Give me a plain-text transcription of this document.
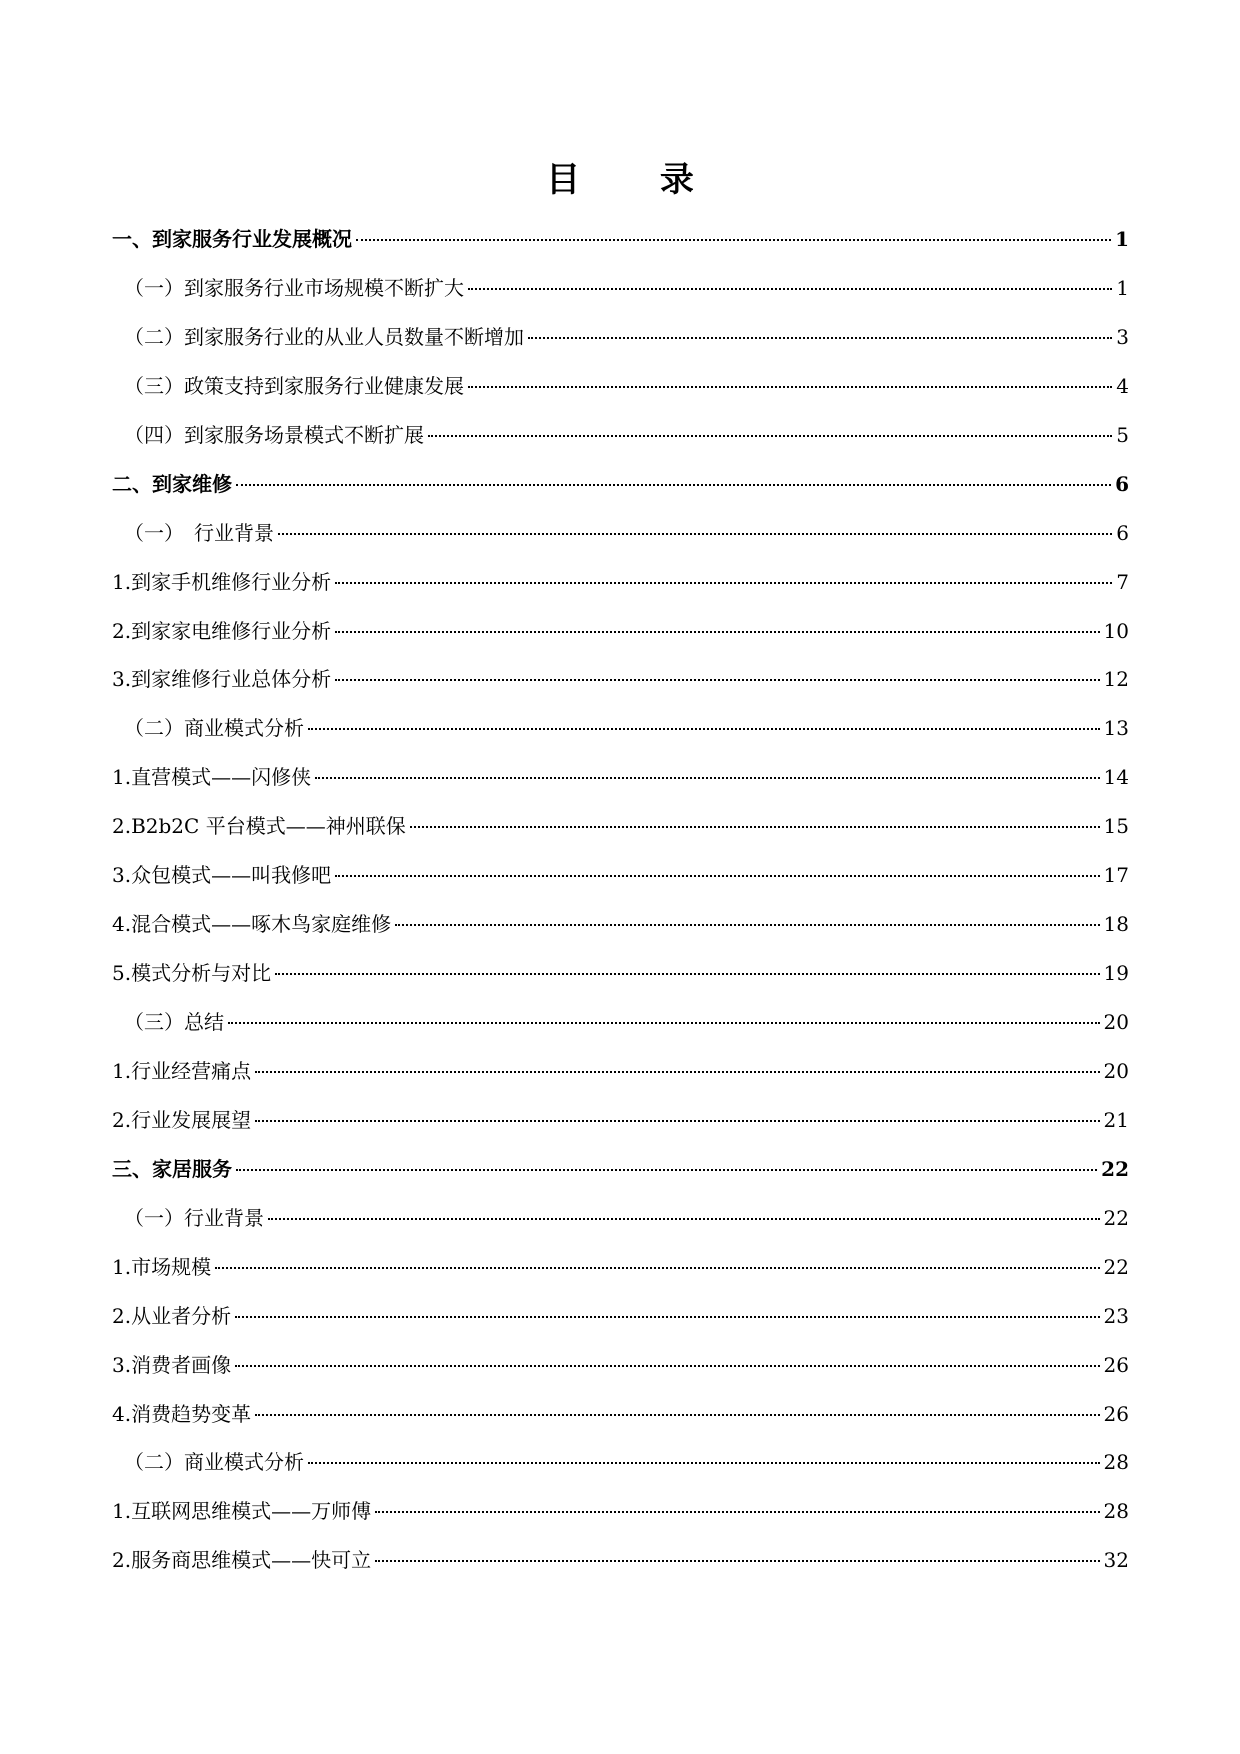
目 录
一、到家服务行业发展概况	1
（一）到家服务行业市场规模不断扩大	1
（二）到家服务行业的从业人员数量不断增加	3
（三）政策支持到家服务行业健康发展	4
（四）到家服务场景模式不断扩展	5
二、到家维修	6
（一）　行业背景	6
1.到家手机维修行业分析	7
2.到家家电维修行业分析	10
3.到家维修行业总体分析	12
（二）商业模式分析	13
1.直营模式——闪修侠	14
2.B2b2C 平台模式——神州联保	15
3.众包模式——叫我修吧	17
4.混合模式——啄木鸟家庭维修	18
5.模式分析与对比	19
（三）总结	20
1.行业经营痛点	20
2.行业发展展望	21
三、家居服务	22
（一）行业背景	22
1.市场规模	22
2.从业者分析	23
3.消费者画像	26
4.消费趋势变革	26
（二）商业模式分析	28
1.互联网思维模式——万师傅	28
2.服务商思维模式——快可立	32
